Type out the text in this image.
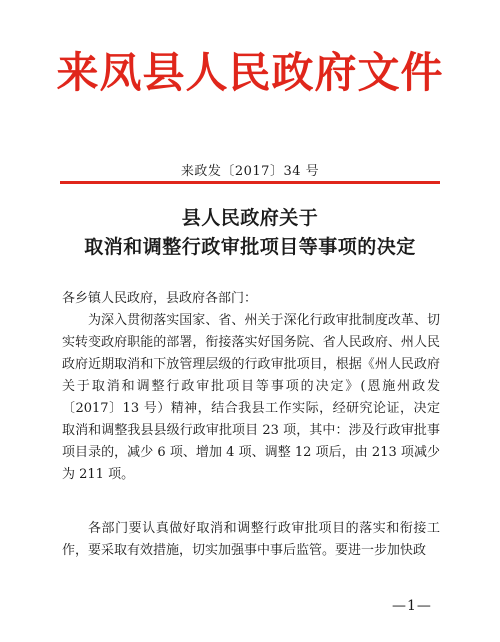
来凤县人民政府文件
来政发〔2017〕34 号
县人民政府关于
取消和调整行政审批项目等事项的决定
各乡镇人民政府，县政府各部门：
为深入贯彻落实国家、省、州关于深化行政审批制度改革、切实转变政府职能的部署，衔接落实好国务院、省人民政府、州人民政府近期取消和下放管理层级的行政审批项目，根据《州人民政府关于取消和调整行政审批项目等事项的决定》(恩施州政发〔2017〕13 号）精神，结合我县工作实际，经研究论证，决定取消和调整我县县级行政审批项目 23 项，其中：涉及行政审批事项目录的，减少 6 项、增加 4 项、调整 12 项后，由 213 项减少为 211 项。
各部门要认真做好取消和调整行政审批项目的落实和衔接工作，要采取有效措施，切实加强事中事后监管。要进一步加快政
—1—
